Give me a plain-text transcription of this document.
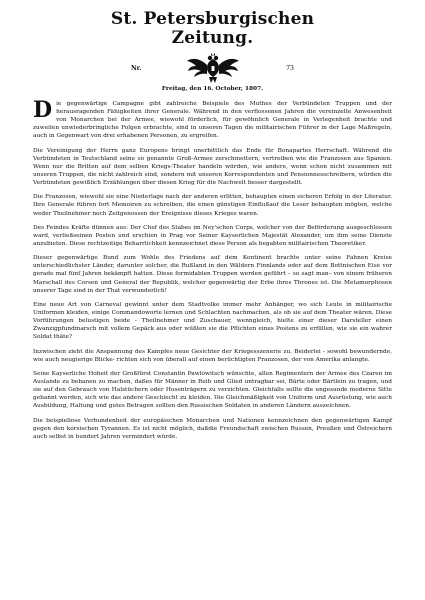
St. Petersburgischen
Zeitung.
Nr.	73
Freitag, den 16. October, 1807.

Die gegenwärtige Campagne gibt zahlreiche Beispiele des Muthes der Verbündeten Truppen und der herausragenden Fähigkeiten ihrer Generale. Während in den verflossenen Jahren die vereinzelte Anwesenheit von Monarchen bei der Armee, wiewohl förderlich, für gewöhnlich Generale in Verlegenheit brachte und zuweilen unwiederbringliche Folgen erbrachte, sind in unseren Tagen die militairischen Führer in der Lage Maßregeln, auch in Gegenwart von drei erhabenen Personen, zu ergreifen.

Die Vereinigung der Herrn ganz Europens bringt unerbittlich das Ende für Bonapartes Herrschaft. Während die Verbündeten in Teutschland seine so genannte Groß-Armee zerschmettern, vertreiben wie die Franzosen aus Spanien. Wenn nur die Britten auf dem selben Kriegs-Theater handeln würden, wie andere, wenn schon nicht zusammen mit unseren Truppen, die nicht zahlreich sind, sondern mit unseren Korrespondenten und Pensionnesschreibern, würden die Verbündeten gewißlich Erzählungen über diesen Krieg für die Nachwelt besser dargestellt.

Die Franzosen, wiewohl sie eine Niederlage nach der anderen erlitten, behaupten einen sicheren Erfolg in der Literatur. Ihre Generale führen fort Memoiren zu schreiben, die einen günstigen Einflußauf die Leser behaupten mögten, welche weder Theilnehmer noch Zeitgenossen der Ereignisse dieses Krieges waren.

Des Feindes Kräfte dünnen aus: Der Chef des Stabes im Ney'schen Corps, welcher von der Beförderung ausgeschlossen ward, verließseinen Posten und erschien in Prag vor Seiner Kayserlichen Majestät Alexander, um ihm seine Dienste anzubieten. Diese rechtzeitige Beharrlichkeit kennzeichnet diese Person als begabten militairischen Theoretiker.

Dieser gegenwärtige Bund zum Wohle des Friedens auf dem Kontinent brachte unter seine Fahnen Kreise unterschiedlichster Länder, darunter solcher, die Rußland in den Wäldern Finnlands oder auf dem Bottnischen Eise vor gerade mal fünf Jahren bekämpft hatten. Diese formidablen Truppen werden geführt – so sagt man– von einem früheren Marschall des Corsen und General der Republik, welcher gegenwärtig der Erbe ihres Thrones ist. Die Metamorphosen unserer Tage sind in der That verwunderlich!

Eine neue Art von Carneval gewinnt unter dem Stadtvolke immer mehr Anhänger, wo sich Leute in militairische Uniformen kleiden, einige Commandoworte lernen und Schlachten nachmachen, als ob sie auf dem Theater wären. Diese Vorführungen belustigen beide - Theilnehmer und Zuschauer, wenngleich, hielte einer dieser Darsteller einen Zwanzigpfundmarsch mit vollem Gepäck aus oder wüßten sie die Pflichten eines Postens zu erfüllen, wie sie ein wahrer Soldat thäte?

Inzwischen zieht die Anspannung des Kampfes neue Gesichter der Kriegesszenerie zu. Beiderlei - sowohl bewundernde, wie auch neugierige Blicke- richten sich von überall auf einen berüchtigten Franzosen, der von Amerika anlangte.

Seine Kayserliche Hoheit der Großfürst Constantin Pawlowitsch wünschte, allen Regimentern der Armee des Czaren im Auslande zu behanen zu machen, daßes für Männer in Reih und Glied untragbar sei, Bärte oder Bärtlein zu tragen, und sie auf den Gebrauch von Halstüchern oder Hosenträgern zu verzichten. Gleichfalls sollte die ungesunde moderne Sitte gebannt werden, sich wie das andere Geschlecht zu kleiden. Die Gleichmäßigkeit von Uniform und Ausrüstung, wie auch Ausbildung, Haltung und gutes Betragen sollten den Russischen Soldaten in anderen Ländern auszeichnen.

Die beispiellose Verbundenheit der europäischen Monarchen und Nationen kennzeichnen den gegenwärtigen Kampf gegen den korsischen Tyrannen. Es ist nicht möglich, daßdie Freundschaft zwischen Russen, Preußen und Östreichern auch selbst in hundert Jahren vermindert würde.
